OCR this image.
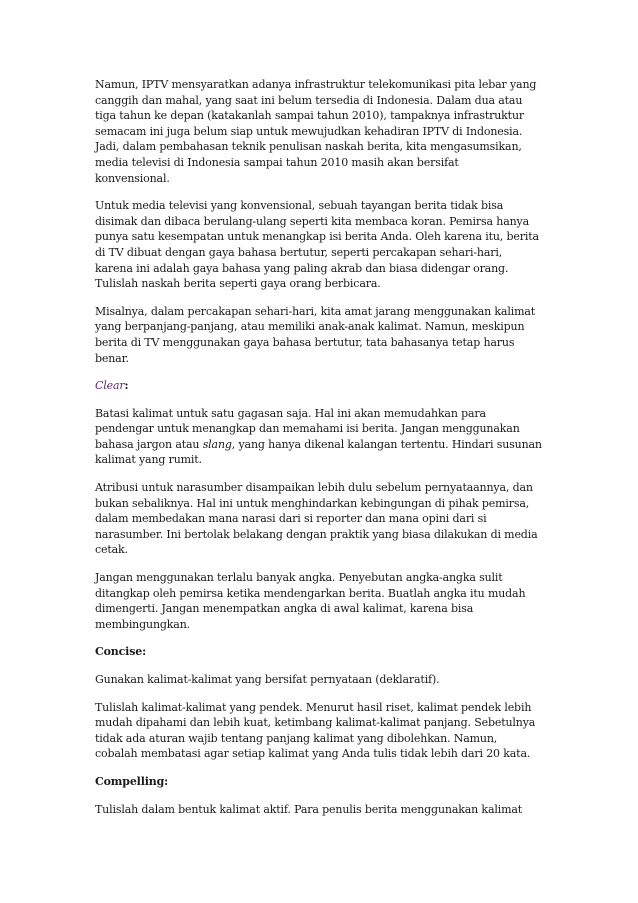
Namun, IPTV mensyaratkan adanya infrastruktur telekomunikasi pita lebar yang
canggih dan mahal, yang saat ini belum tersedia di Indonesia. Dalam dua atau
tiga tahun ke depan (katakanlah sampai tahun 2010), tampaknya infrastruktur
semacam ini juga belum siap untuk mewujudkan kehadiran IPTV di Indonesia.
Jadi, dalam pembahasan teknik penulisan naskah berita, kita mengasumsikan,
media televisi di Indonesia sampai tahun 2010 masih akan bersifat
konvensional.

Untuk media televisi yang konvensional, sebuah tayangan berita tidak bisa
disimak dan dibaca berulang-ulang seperti kita membaca koran. Pemirsa hanya
punya satu kesempatan untuk menangkap isi berita Anda. Oleh karena itu, berita
di TV dibuat dengan gaya bahasa bertutur, seperti percakapan sehari-hari,
karena ini adalah gaya bahasa yang paling akrab dan biasa didengar orang.
Tulislah naskah berita seperti gaya orang berbicara.

Misalnya, dalam percakapan sehari-hari, kita amat jarang menggunakan kalimat
yang berpanjang-panjang, atau memiliki anak-anak kalimat. Namun, meskipun
berita di TV menggunakan gaya bahasa bertutur, tata bahasanya tetap harus
benar.

Clear:

Batasi kalimat untuk satu gagasan saja. Hal ini akan memudahkan para
pendengar untuk menangkap dan memahami isi berita. Jangan menggunakan
bahasa jargon atau slang, yang hanya dikenal kalangan tertentu. Hindari susunan
kalimat yang rumit.

Atribusi untuk narasumber disampaikan lebih dulu sebelum pernyataannya, dan
bukan sebaliknya. Hal ini untuk menghindarkan kebingungan di pihak pemirsa,
dalam membedakan mana narasi dari si reporter dan mana opini dari si
narasumber. Ini bertolak belakang dengan praktik yang biasa dilakukan di media
cetak.

Jangan menggunakan terlalu banyak angka. Penyebutan angka-angka sulit
ditangkap oleh pemirsa ketika mendengarkan berita. Buatlah angka itu mudah
dimengerti. Jangan menempatkan angka di awal kalimat, karena bisa
membingungkan.

Concise:

Gunakan kalimat-kalimat yang bersifat pernyataan (deklaratif).

Tulislah kalimat-kalimat yang pendek. Menurut hasil riset, kalimat pendek lebih
mudah dipahami dan lebih kuat, ketimbang kalimat-kalimat panjang. Sebetulnya
tidak ada aturan wajib tentang panjang kalimat yang dibolehkan. Namun,
cobalah membatasi agar setiap kalimat yang Anda tulis tidak lebih dari 20 kata.

Compelling:

Tulislah dalam bentuk kalimat aktif. Para penulis berita menggunakan kalimat
